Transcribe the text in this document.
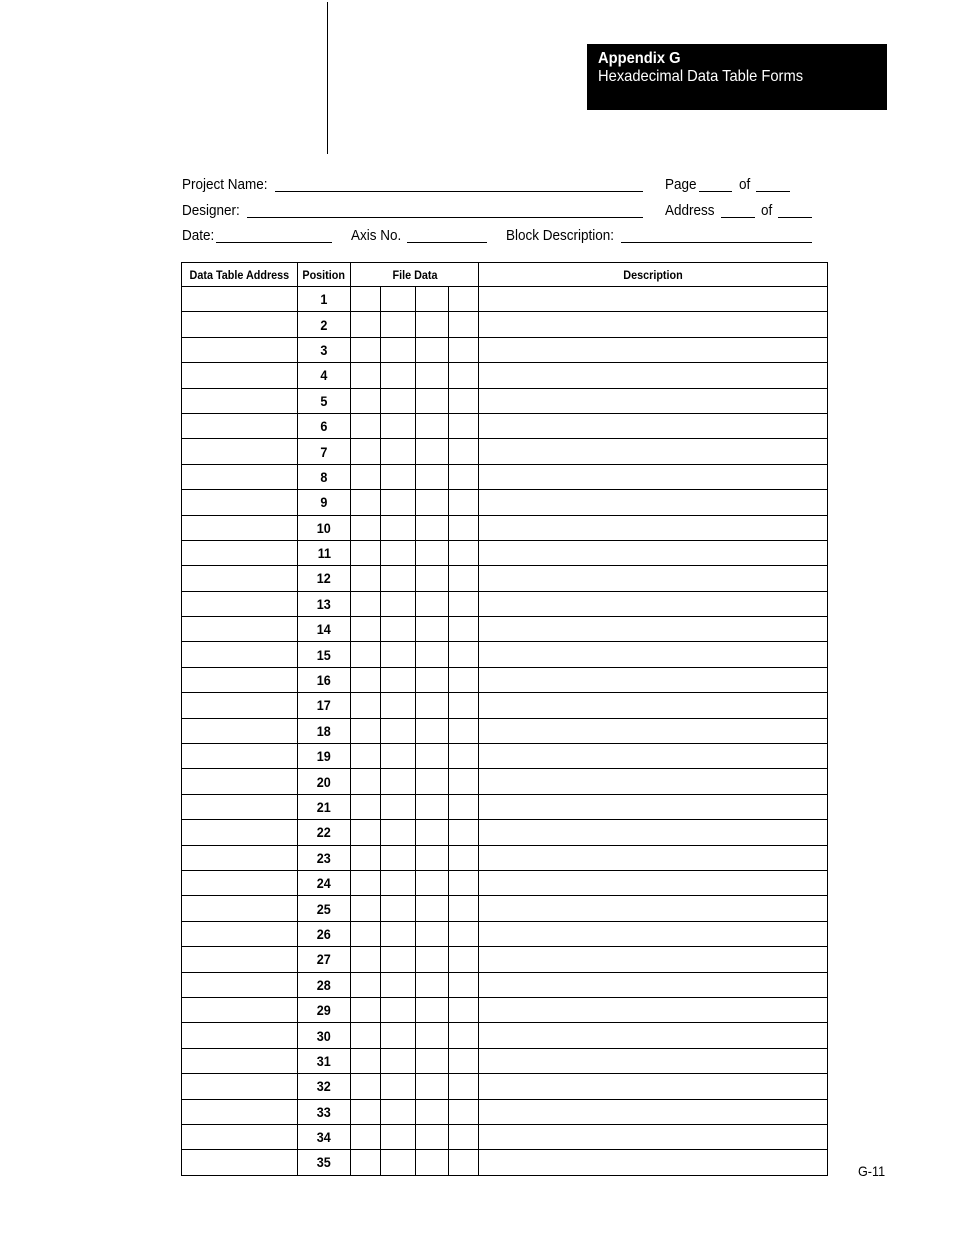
Appendix G
Hexadecimal Data Table Forms
Project Name:	Page	of
Designer:	Address	of
Date:	Axis No.	Block Description:
Data Table Address	Position	File Data				Description
	1					
	2					
	3					
	4					
	5					
	6					
	7					
	8					
	9					
	10					
	11					
	12					
	13					
	14					
	15					
	16					
	17					
	18					
	19					
	20					
	21					
	22					
	23					
	24					
	25					
	26					
	27					
	28					
	29					
	30					
	31					
	32					
	33					
	34					
	35					
G-11
